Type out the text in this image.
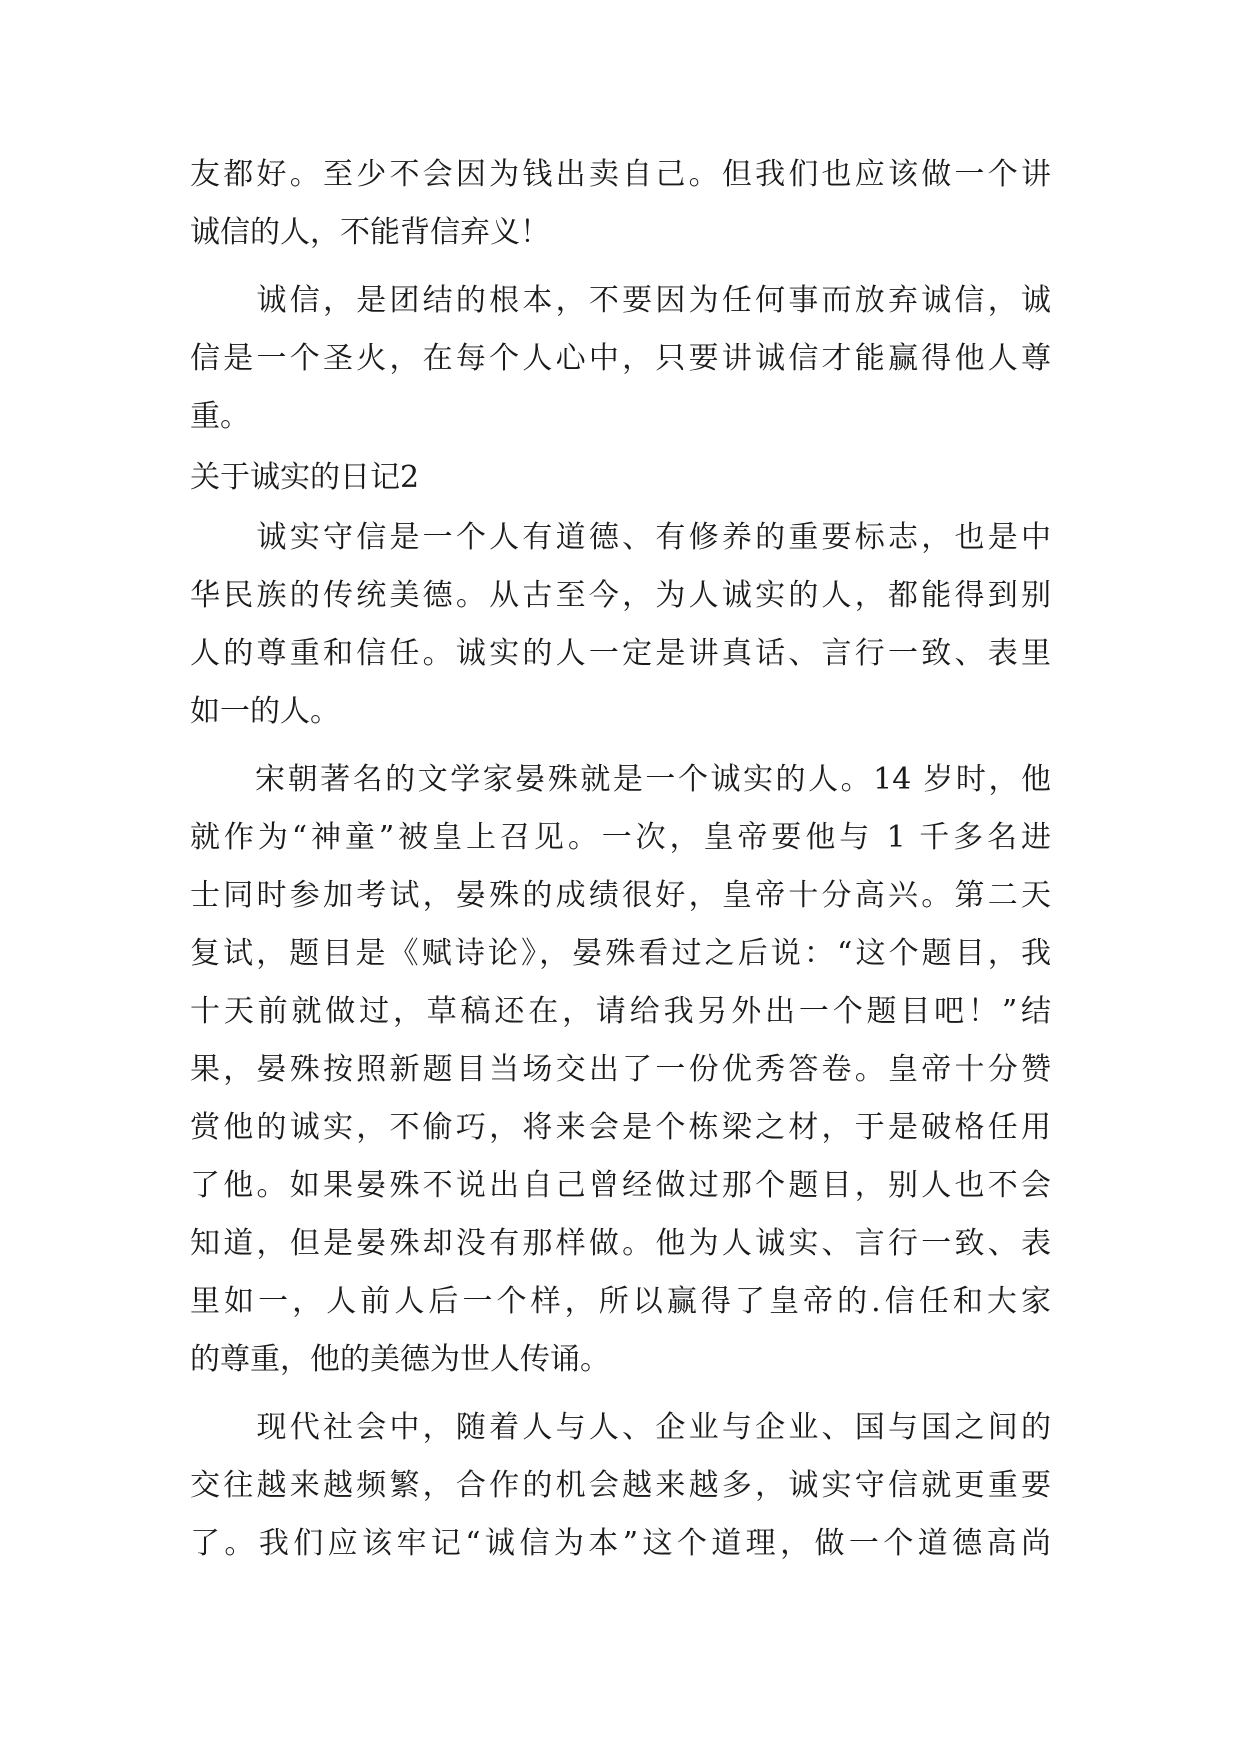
友都好。至少不会因为钱出卖自己。但我们也应该做一个讲
诚信的人，不能背信弃义！
　　诚信，是团结的根本，不要因为任何事而放弃诚信，诚
信是一个圣火，在每个人心中，只要讲诚信才能赢得他人尊
重。
关于诚实的日记2
　　诚实守信是一个人有道德、有修养的重要标志，也是中
华民族的传统美德。从古至今，为人诚实的人，都能得到别
人的尊重和信任。诚实的人一定是讲真话、言行一致、表里
如一的人。
　　宋朝著名的文学家晏殊就是一个诚实的人。14 岁时，他
就作为“神童”被皇上召见。一次，皇帝要他与 1 千多名进
士同时参加考试，晏殊的成绩很好，皇帝十分高兴。第二天
复试，题目是《赋诗论》，晏殊看过之后说：“这个题目，我
十天前就做过，草稿还在，请给我另外出一个题目吧！”结
果，晏殊按照新题目当场交出了一份优秀答卷。皇帝十分赞
赏他的诚实，不偷巧，将来会是个栋梁之材，于是破格任用
了他。如果晏殊不说出自己曾经做过那个题目，别人也不会
知道，但是晏殊却没有那样做。他为人诚实、言行一致、表
里如一，人前人后一个样，所以赢得了皇帝的.信任和大家
的尊重，他的美德为世人传诵。
　　现代社会中，随着人与人、企业与企业、国与国之间的
交往越来越频繁，合作的机会越来越多，诚实守信就更重要
了。我们应该牢记“诚信为本”这个道理，做一个道德高尚
